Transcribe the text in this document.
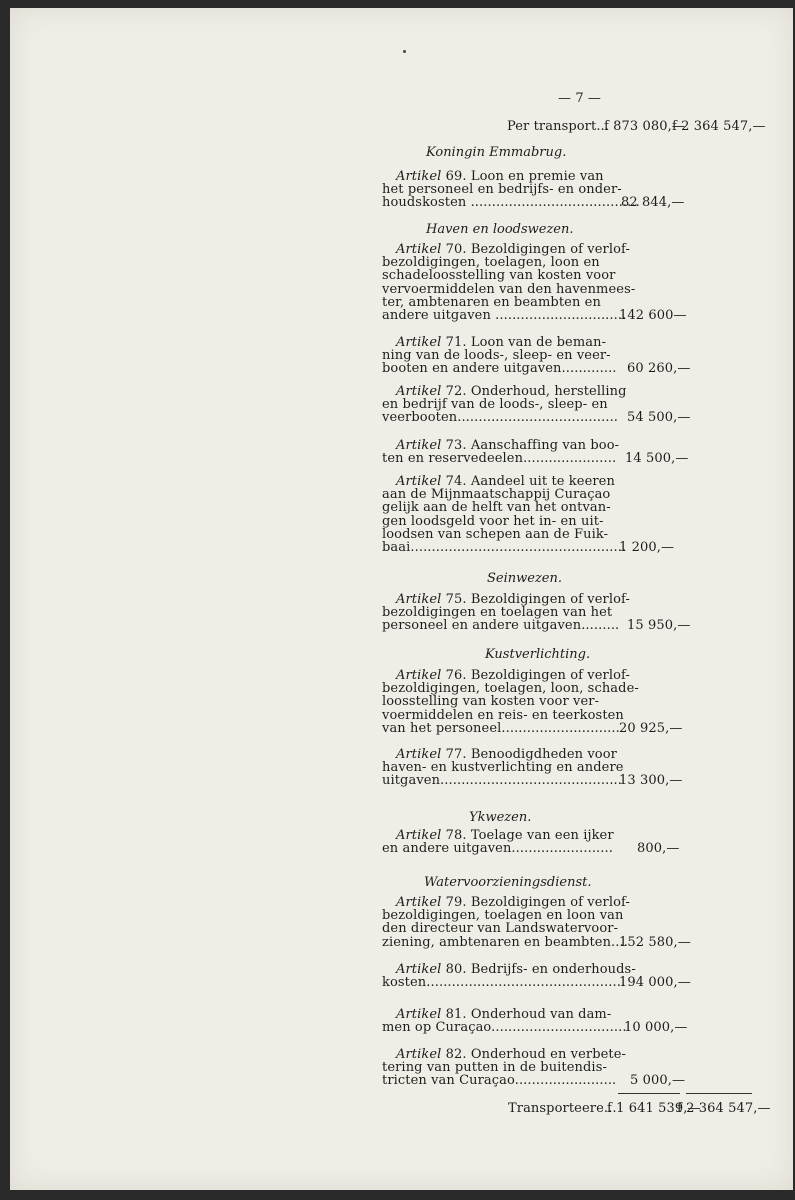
— 7 —
Per transport...
f 873 080,—
f 2 364 547,—
Transporteere...
f 1 641 539,—
f 2 364 547,—
Koningin Emmabrug.
Artikel 69. Loon en premie van
het personeel en bedrijfs- en onder-
houdskosten ........................................
82 844,—
Haven en loodswezen.
Artikel 70. Bezoldigingen of verlof-
bezoldigingen, toelagen, loon en
schadeloosstelling van kosten voor
vervoermiddelen van den havenmees-
ter, ambtenaren en beambten en
andere uitgaven ...............................
142 600—
Artikel 71. Loon van de beman-
ning van de loods-, sleep- en veer-
booten en andere uitgaven............. 60 260,—
Artikel 72. Onderhoud, herstelling
en bedrijf van de loods-, sleep- en
veerbooten...................................... 54 500,—
Artikel 73. Aanschaffing van boo-
ten en reservedeelen...................... 14 500,—
Artikel 74. Aandeel uit te keeren
aan de Mijnmaatschappij Curaçao
gelijk aan de helft van het ontvan-
gen loodsgeld voor het in- en uit-
loodsen van schepen aan de Fuik-
baai...................................................
1 200,—
Seinwezen.
Artikel 75. Bezoldigingen of verlof-
bezoldigingen en toelagen van het
personeel en andere uitgaven......... 15 950,—
Kustverlichting.
Artikel 76. Bezoldigingen of verlof-
bezoldigingen, toelagen, loon, schade-
loosstelling van kosten voor ver-
voermiddelen en reis- en teerkosten
van het personeel............................ 20 925,—
Artikel 77. Benoodigdheden voor
haven- en kustverlichting en andere
uitgaven...........................................
13 300,—
Ykwezen.
Artikel 78. Toelage van een ijker
en andere uitgaven........................ 800,—
Watervoorzieningsdienst.
Artikel 79. Bezoldigingen of verlof-
bezoldigingen, toelagen en loon van
den directeur van Landswatervoor-
ziening, ambtenaren en beambten....
152 580,—
Artikel 80. Bedrijfs- en onderhouds-
kosten...............................................
194 000,—
Artikel 81. Onderhoud van dam-
men op Curaçao................................
10 000,—
Artikel 82. Onderhoud en verbete-
tering van putten in de buitendis-
tricten van Curaçao........................ 5 000,—
